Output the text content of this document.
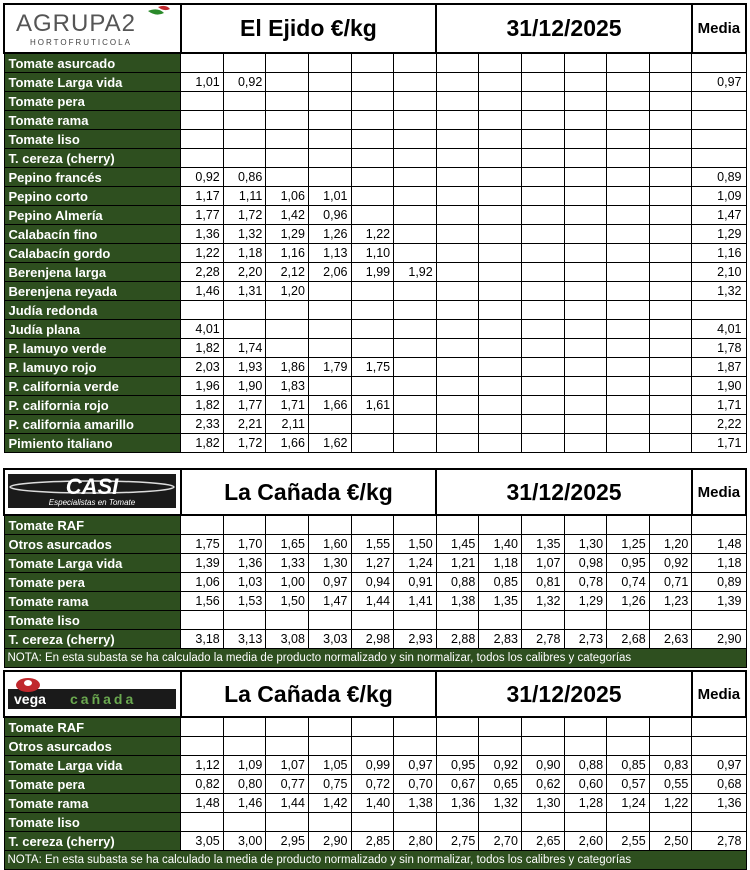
AGRUPA2
HORTOFRUTICOLA	El Ejido €/kg						31/12/2025						Media
Tomate asurcado													
Tomate Larga vida	1,01	0,92											0,97
Tomate pera													
Tomate rama													
Tomate liso													
T. cereza (cherry)													
Pepino francés	0,92	0,86											0,89
Pepino corto	1,17	1,11	1,06	1,01									1,09
Pepino Almería	1,77	1,72	1,42	0,96									1,47
Calabacín fino	1,36	1,32	1,29	1,26	1,22								1,29
Calabacín gordo	1,22	1,18	1,16	1,13	1,10								1,16
Berenjena larga	2,28	2,20	2,12	2,06	1,99	1,92							2,10
Berenjena reyada	1,46	1,31	1,20										1,32
Judía redonda													
Judía plana	4,01												4,01
P. lamuyo verde	1,82	1,74											1,78
P. lamuyo rojo	2,03	1,93	1,86	1,79	1,75								1,87
P. california verde	1,96	1,90	1,83										1,90
P. california rojo	1,82	1,77	1,71	1,66	1,61								1,71
P. california amarillo	2,33	2,21	2,11										2,22
Pimiento italiano	1,82	1,72	1,66	1,62									1,71
CASI
Especialistas en Tomate	La Cañada €/kg						31/12/2025						Media
Tomate RAF													
Otros asurcados	1,75	1,70	1,65	1,60	1,55	1,50	1,45	1,40	1,35	1,30	1,25	1,20	1,48
Tomate Larga vida	1,39	1,36	1,33	1,30	1,27	1,24	1,21	1,18	1,07	0,98	0,95	0,92	1,18
Tomate pera	1,06	1,03	1,00	0,97	0,94	0,91	0,88	0,85	0,81	0,78	0,74	0,71	0,89
Tomate rama	1,56	1,53	1,50	1,47	1,44	1,41	1,38	1,35	1,32	1,29	1,26	1,23	1,39
Tomate liso													
T. cereza (cherry)	3,18	3,13	3,08	3,03	2,98	2,93	2,88	2,83	2,78	2,73	2,68	2,63	2,90
NOTA: En esta subasta se ha calculado la media de producto normalizado y sin normalizar, todos los calibres y categorías													
vega cañada	La Cañada €/kg						31/12/2025						Media
Tomate RAF													
Otros asurcados													
Tomate Larga vida	1,12	1,09	1,07	1,05	0,99	0,97	0,95	0,92	0,90	0,88	0,85	0,83	0,97
Tomate pera	0,82	0,80	0,77	0,75	0,72	0,70	0,67	0,65	0,62	0,60	0,57	0,55	0,68
Tomate rama	1,48	1,46	1,44	1,42	1,40	1,38	1,36	1,32	1,30	1,28	1,24	1,22	1,36
Tomate liso													
T. cereza (cherry)	3,05	3,00	2,95	2,90	2,85	2,80	2,75	2,70	2,65	2,60	2,55	2,50	2,78
NOTA: En esta subasta se ha calculado la media de producto normalizado y sin normalizar, todos los calibres y categorías													
